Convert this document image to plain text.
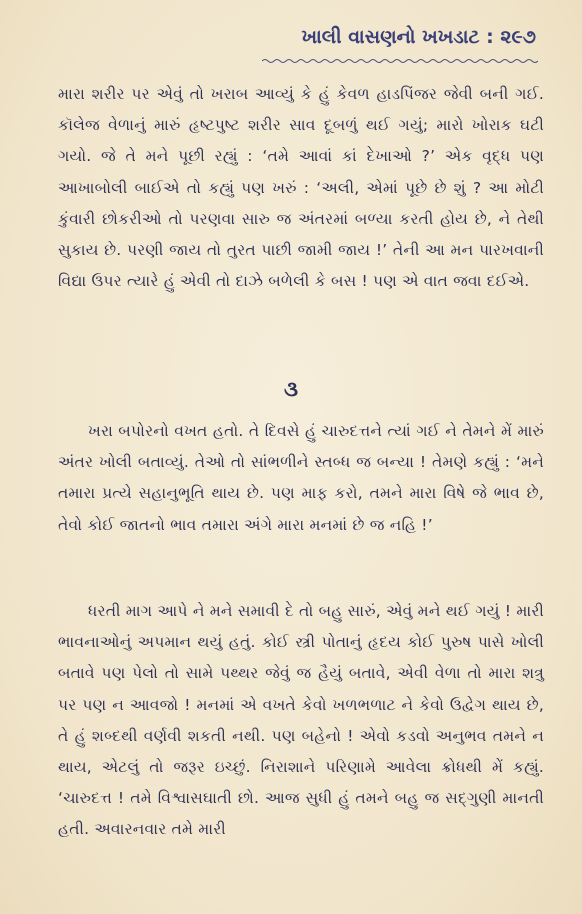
ખાલી વાસણનો ખખડાટ : ૨૯૭
મારા શરીર પર એવું તો ખરાબ આવ્યું કે હું કેવળ હાડપિંજર જેવી બની ગઈ. કૉલેજ વેળાનું મારું હૃષ્ટપુષ્ટ શરીર સાવ દૂબળું થઈ ગયું; મારો ખોરાક ઘટી ગયો. જે તે મને પૂછી રહ્યું : ‘તમે આવાં કાં દેખાઓ ?’ એક વૃદ્ધ પણ આખાબોલી બાઈએ તો કહ્યું પણ ખરું : ‘અલી, એમાં પૂછે છે શું ? આ મોટી કુંવારી છોકરીઓ તો પરણવા સારુ જ અંતરમાં બળ્યા કરતી હોય છે, ને તેથી સુકાય છે. પરણી જાય તો તુરત પાછી જામી જાય !’ તેની આ મન પારખવાની વિદ્યા ઉપર ત્યારે હું એવી તો દાઝે બળેલી કે બસ ! પણ એ વાત જવા દઈએ.
૩
ખરા બપોરનો વખત હતો. તે દિવસે હું ચારુદત્તને ત્યાં ગઈ ને તેમને મેં મારું અંતર ખોલી બતાવ્યું. તેઓ તો સાંભળીને સ્તબ્ધ જ બન્યા ! તેમણે કહ્યું : ‘મને તમારા પ્રત્યે સહાનુભૂતિ થાય છે. પણ માફ કરો, તમને મારા વિષે જે ભાવ છે, તેવો કોઈ જાતનો ભાવ તમારા અંગે મારા મનમાં છે જ નહિ !’
ધરતી માગ આપે ને મને સમાવી દે તો બહુ સારું, એવું મને થઈ ગયું ! મારી ભાવનાઓનું અપમાન થયું હતું. કોઈ સ્ત્રી પોતાનું હૃદય કોઈ પુરુષ પાસે ખોલી બતાવે પણ પેલો તો સામે પથ્થર જેવું જ હૈયું બતાવે, એવી વેળા તો મારા શત્રુ પર પણ ન આવજો ! મનમાં એ વખતે કેવો ખળભળાટ ને કેવો ઉદ્વેગ થાય છે, તે હું શબ્દથી વર્ણવી શકતી નથી. પણ બહેનો ! એવો કડવો અનુભવ તમને ન થાય, એટલું તો જરૂર ઇચ્છું. નિરાશાને પરિણામે આવેલા ક્રોધથી મેં કહ્યું. ‘ચારુદત્ત ! તમે વિશ્વાસઘાતી છો. આજ સુધી હું તમને બહુ જ સદ્‌ગુણી માનતી હતી. અવારનવાર તમે મારી
